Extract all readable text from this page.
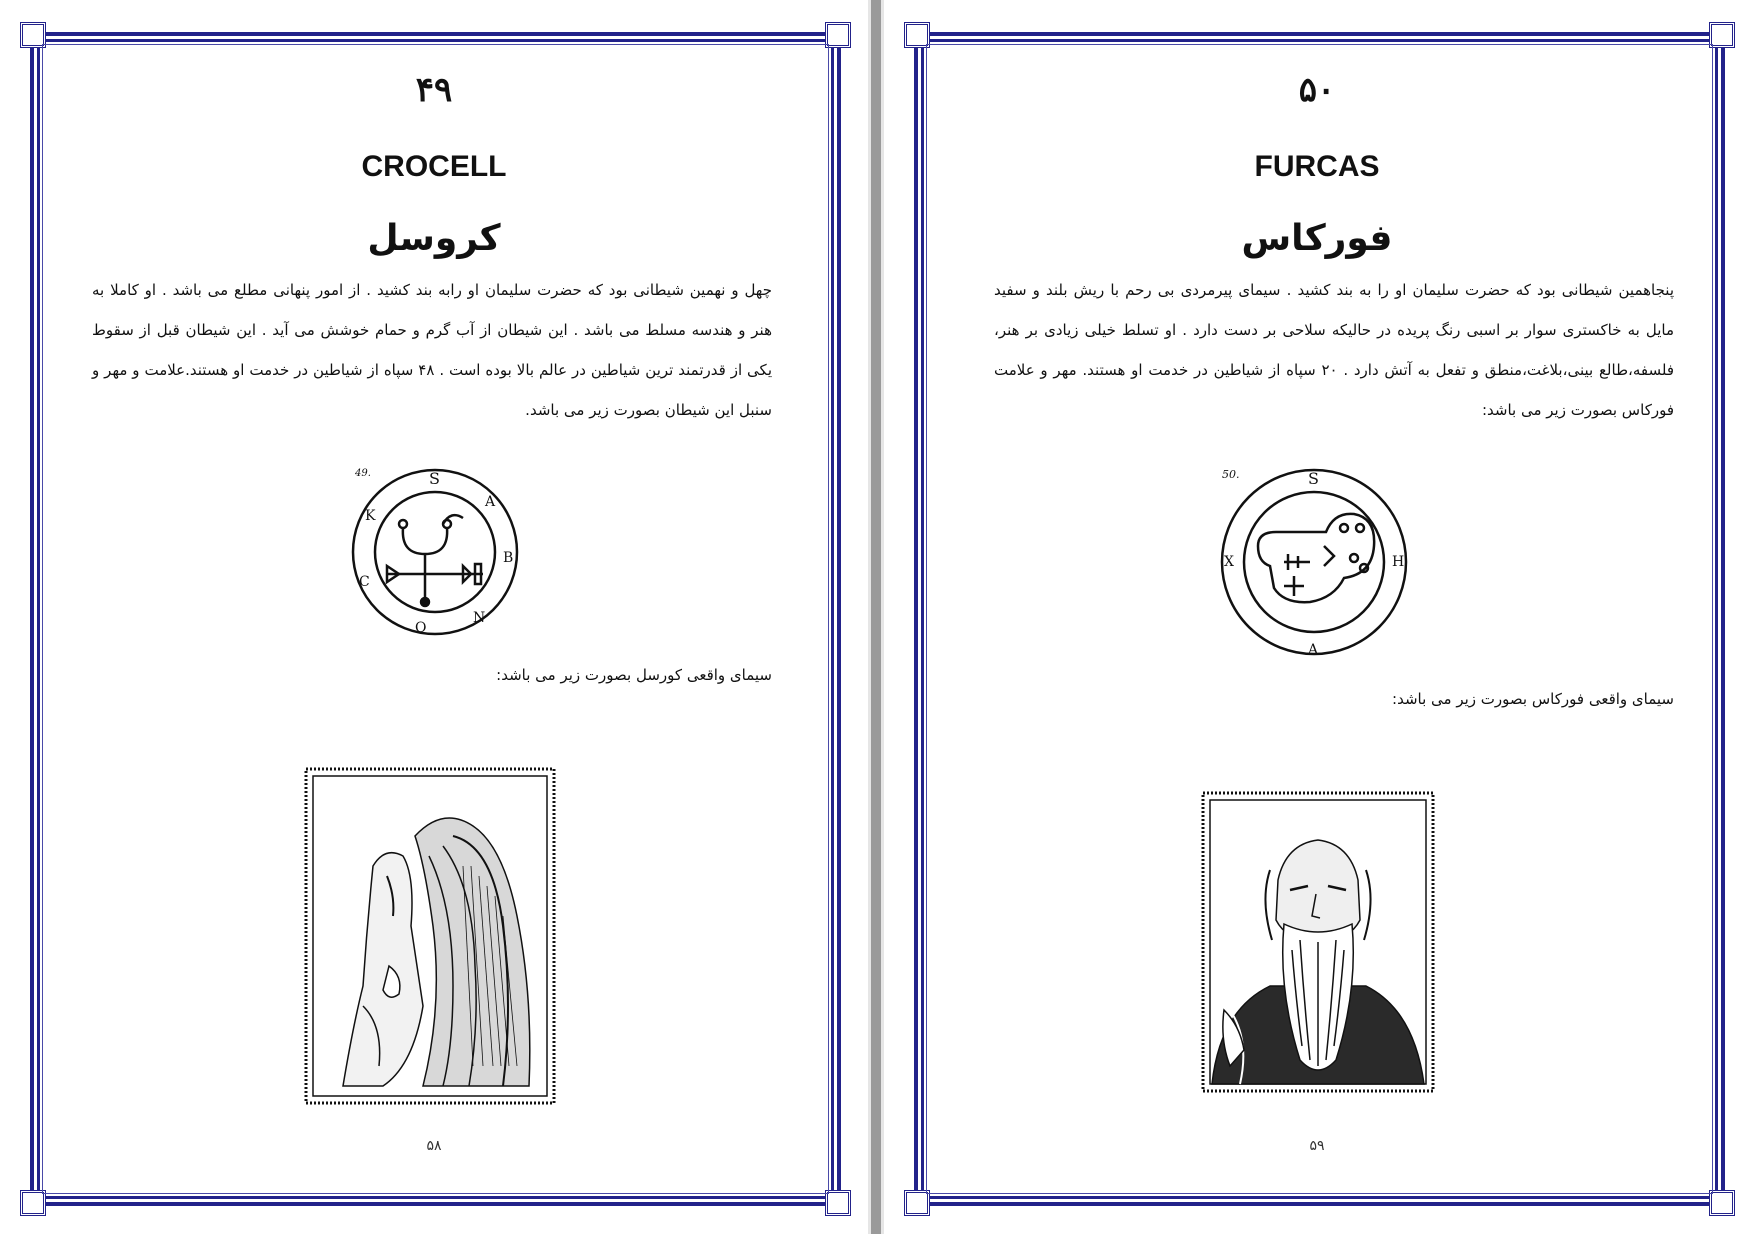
۴۹
CROCELL
کروسل
چهل و نهمین شیطانی بود که حضرت سلیمان او رابه بند کشید . از امور پنهانی مطلع می باشد . او کاملا به هنر و هندسه مسلط می باشد . این شیطان از آب گرم و حمام خوشش می آید . این شیطان قبل از سقوط یکی از قدرتمند ترین شیاطین در عالم بالا بوده است . ۴۸ سپاه از شیاطین در خدمت او هستند.علامت و مهر و سنبل این شیطان بصورت زیر می باشد.
49.	S
A
B
N
O
C
K
سیمای واقعی کورسل بصورت زیر می باشد:
۵۸
۵۰
FURCAS
فورکاس
پنجاهمین شیطانی بود که حضرت سلیمان او را به بند کشید . سیمای پیرمردی بی رحم با ریش بلند و سفید مایل به خاکستری سوار بر اسبی رنگ پریده در حالیکه سلاحی بر دست دارد . او تسلط خیلی زیادی بر هنر، فلسفه،طالع بینی،بلاغت،منطق و تفعل به آتش دارد . ۲۰ سپاه از شیاطین در خدمت او هستند. مهر و علامت فورکاس بصورت زیر می باشد:
50.	S
H
A
X
سیمای واقعی فورکاس بصورت زیر می باشد:
۵۹
